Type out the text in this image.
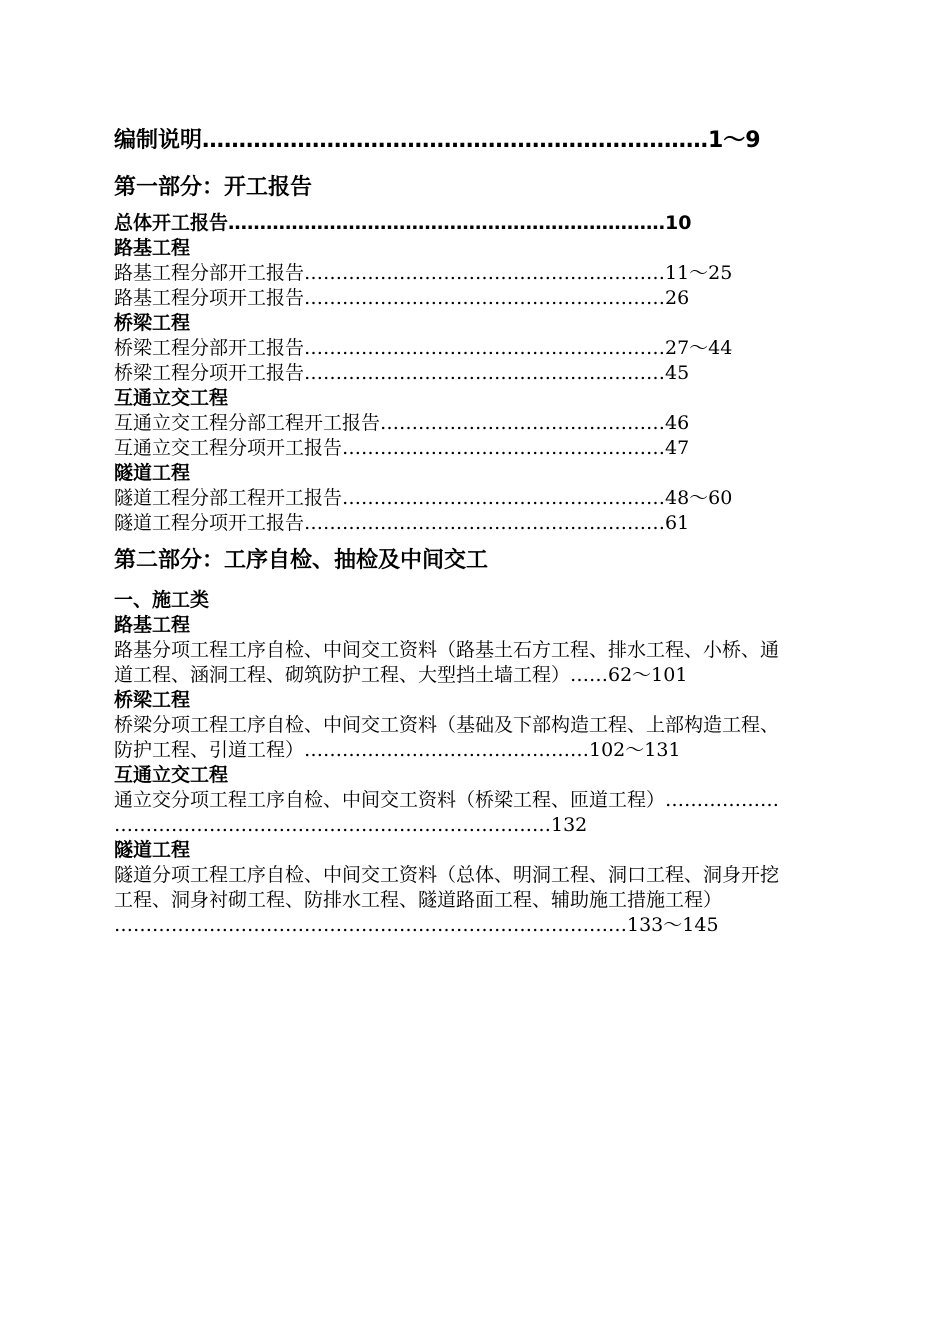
编制说明……………………………………………………………1～9
第一部分：开工报告
总体开工报告……………………………………………………………10
路基工程
路基工程分部开工报告…………………………………………………11～25
路基工程分项开工报告…………………………………………………26
桥梁工程
桥梁工程分部开工报告…………………………………………………27～44
桥梁工程分项开工报告…………………………………………………45
互通立交工程
互通立交工程分部工程开工报告………………………………………46
互通立交工程分项开工报告……………………………………………47
隧道工程
隧道工程分部工程开工报告……………………………………………48～60
隧道工程分项开工报告…………………………………………………61
第二部分：工序自检、抽检及中间交工
一、施工类
路基工程
路基分项工程工序自检、中间交工资料（路基土石方工程、排水工程、小桥、通
道工程、涵洞工程、砌筑防护工程、大型挡土墙工程）……62～101
桥梁工程
桥梁分项工程工序自检、中间交工资料（基础及下部构造工程、上部构造工程、
防护工程、引道工程）………………………………………102～131
互通立交工程
通立交分项工程工序自检、中间交工资料（桥梁工程、匝道工程）………………
……………………………………………………………132
隧道工程
隧道分项工程工序自检、中间交工资料（总体、明洞工程、洞口工程、洞身开挖
工程、洞身衬砌工程、防排水工程、隧道路面工程、辅助施工措施工程）
………………………………………………………………………133～145
